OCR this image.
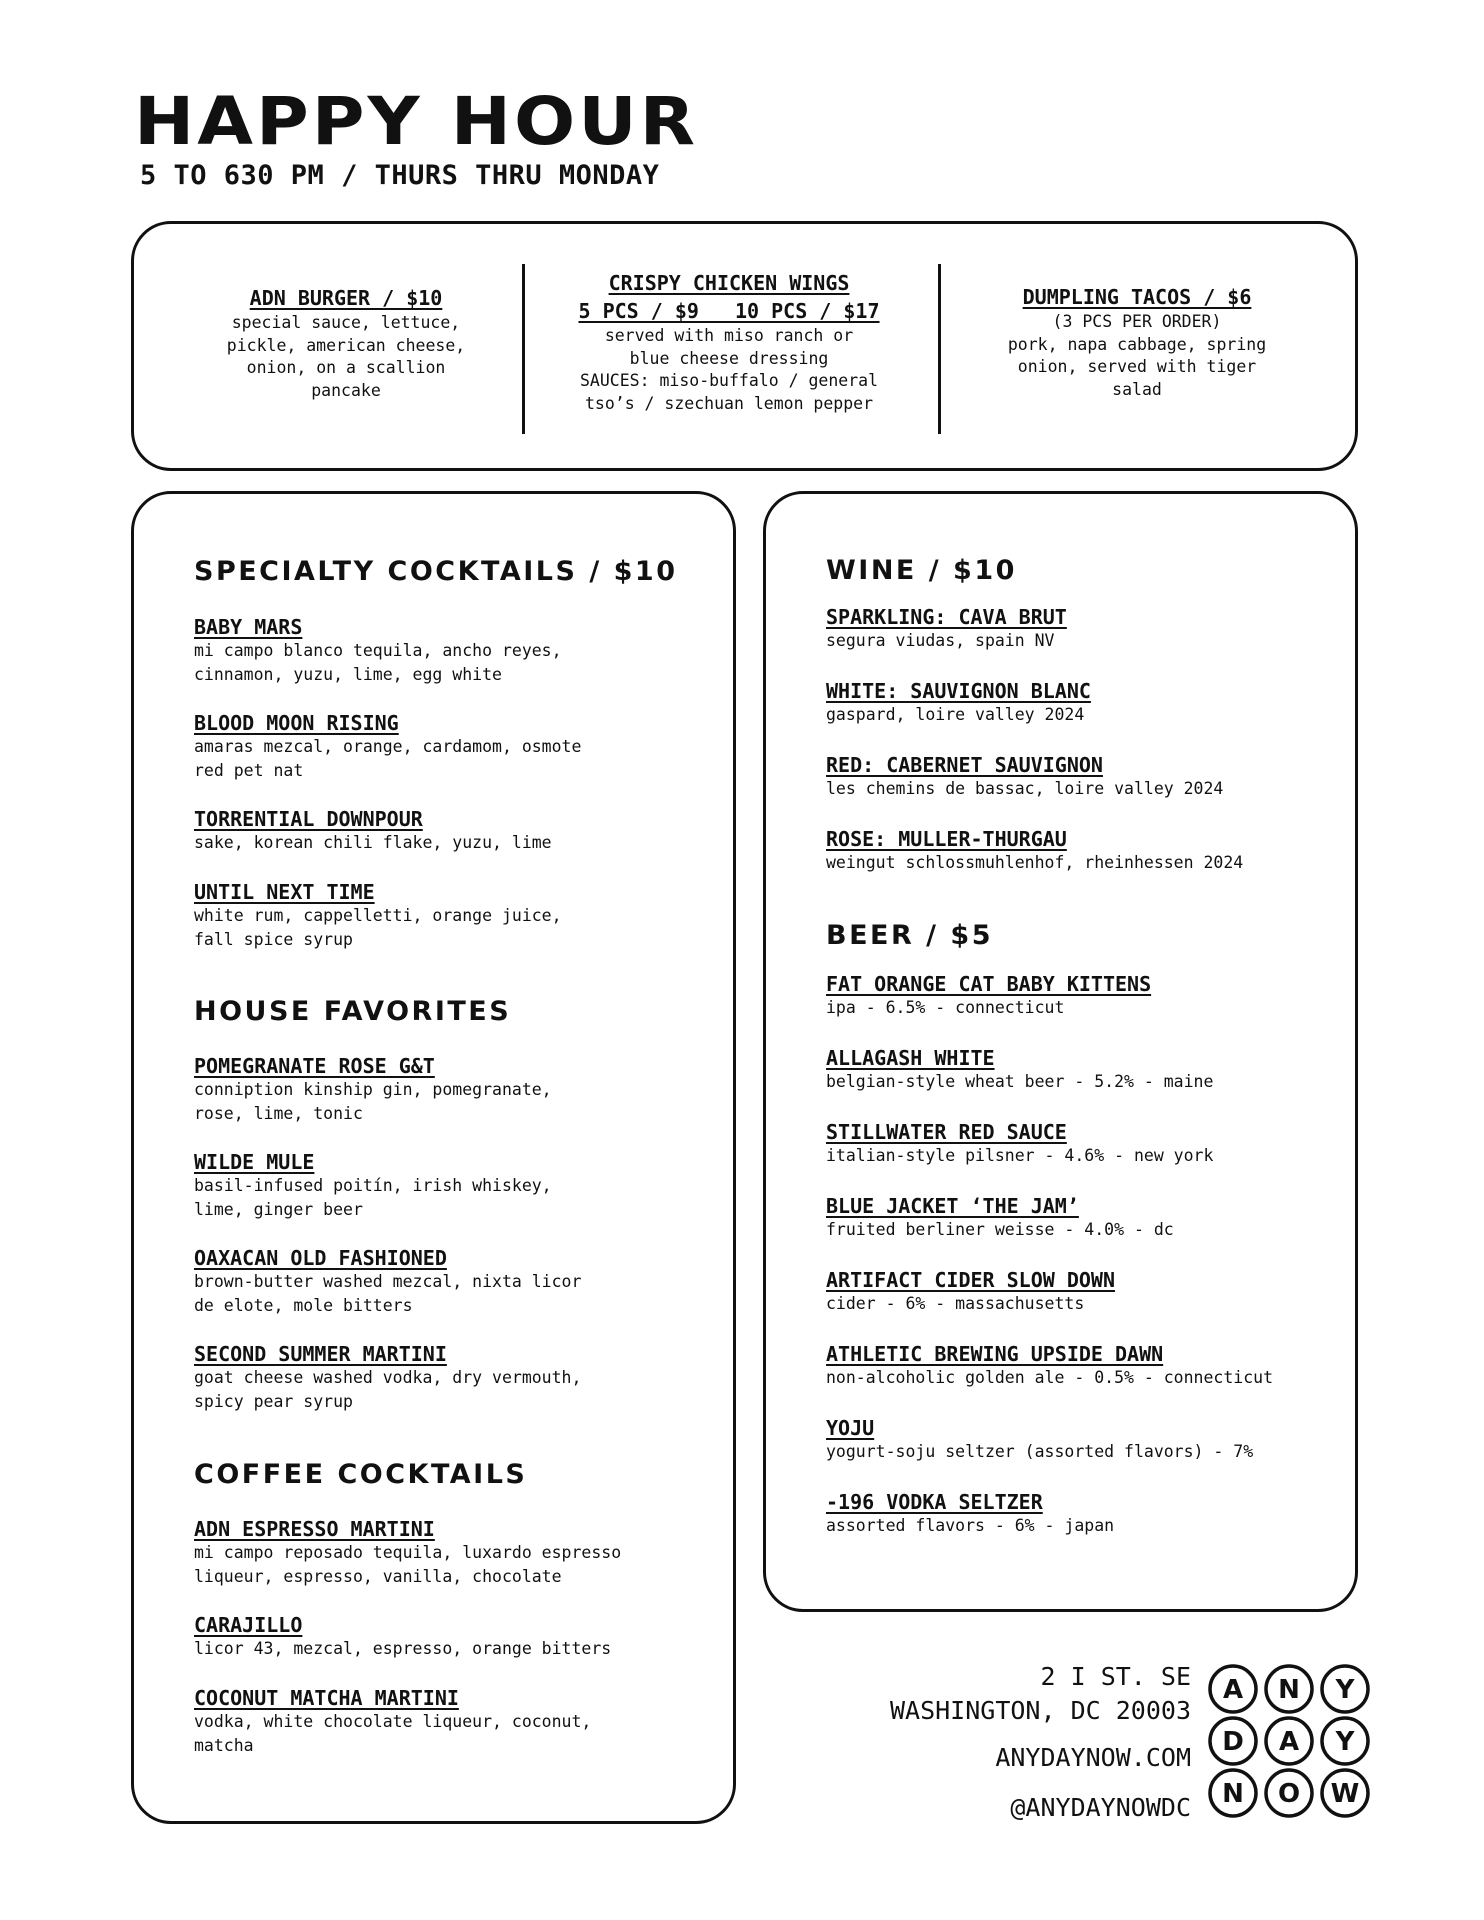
HAPPY HOUR
5 TO 630 PM / THURS THRU MONDAY
ADN BURGER / $10
special sauce, lettuce,
pickle, american cheese,
onion, on a scallion
pancake
CRISPY CHICKEN WINGS
5 PCS / $9   10 PCS / $17
served with miso ranch or
blue cheese dressing
SAUCES: miso-buffalo / general
tso’s / szechuan lemon pepper
DUMPLING TACOS / $6
(3 PCS PER ORDER)
pork, napa cabbage, spring
onion, served with tiger
salad
SPECIALTY COCKTAILS / $10
BABY MARS
mi campo blanco tequila, ancho reyes,
cinnamon, yuzu, lime, egg white
BLOOD MOON RISING
amaras mezcal, orange, cardamom, osmote
red pet nat
TORRENTIAL DOWNPOUR
sake, korean chili flake, yuzu, lime
UNTIL NEXT TIME
white rum, cappelletti, orange juice,
fall spice syrup
HOUSE FAVORITES
POMEGRANATE ROSE G&T
conniption kinship gin, pomegranate,
rose, lime, tonic
WILDE MULE
basil-infused poitín, irish whiskey,
lime, ginger beer
OAXACAN OLD FASHIONED
brown-butter washed mezcal, nixta licor
de elote, mole bitters
SECOND SUMMER MARTINI
goat cheese washed vodka, dry vermouth,
spicy pear syrup
COFFEE COCKTAILS
ADN ESPRESSO MARTINI
mi campo reposado tequila, luxardo espresso
liqueur, espresso, vanilla, chocolate
CARAJILLO
licor 43, mezcal, espresso, orange bitters
COCONUT MATCHA MARTINI
vodka, white chocolate liqueur, coconut,
matcha
WINE / $10
SPARKLING: CAVA BRUT
segura viudas, spain NV
WHITE: SAUVIGNON BLANC
gaspard, loire valley 2024
RED: CABERNET SAUVIGNON
les chemins de bassac, loire valley 2024
ROSE: MULLER-THURGAU
weingut schlossmuhlenhof, rheinhessen 2024
BEER / $5
FAT ORANGE CAT BABY KITTENS
ipa - 6.5% - connecticut
ALLAGASH WHITE
belgian-style wheat beer - 5.2% - maine
STILLWATER RED SAUCE
italian-style pilsner - 4.6% - new york
BLUE JACKET ‘THE JAM’
fruited berliner weisse - 4.0% - dc
ARTIFACT CIDER SLOW DOWN
cider - 6% - massachusetts
ATHLETIC BREWING UPSIDE DAWN
non-alcoholic golden ale - 0.5% - connecticut
YOJU
yogurt-soju seltzer (assorted flavors) - 7%
-196 VODKA SELTZER
assorted flavors - 6% - japan
2 I ST. SE
WASHINGTON, DC 20003
ANYDAYNOW.COM
@ANYDAYNOWDC
A N Y
D A Y
N O W
